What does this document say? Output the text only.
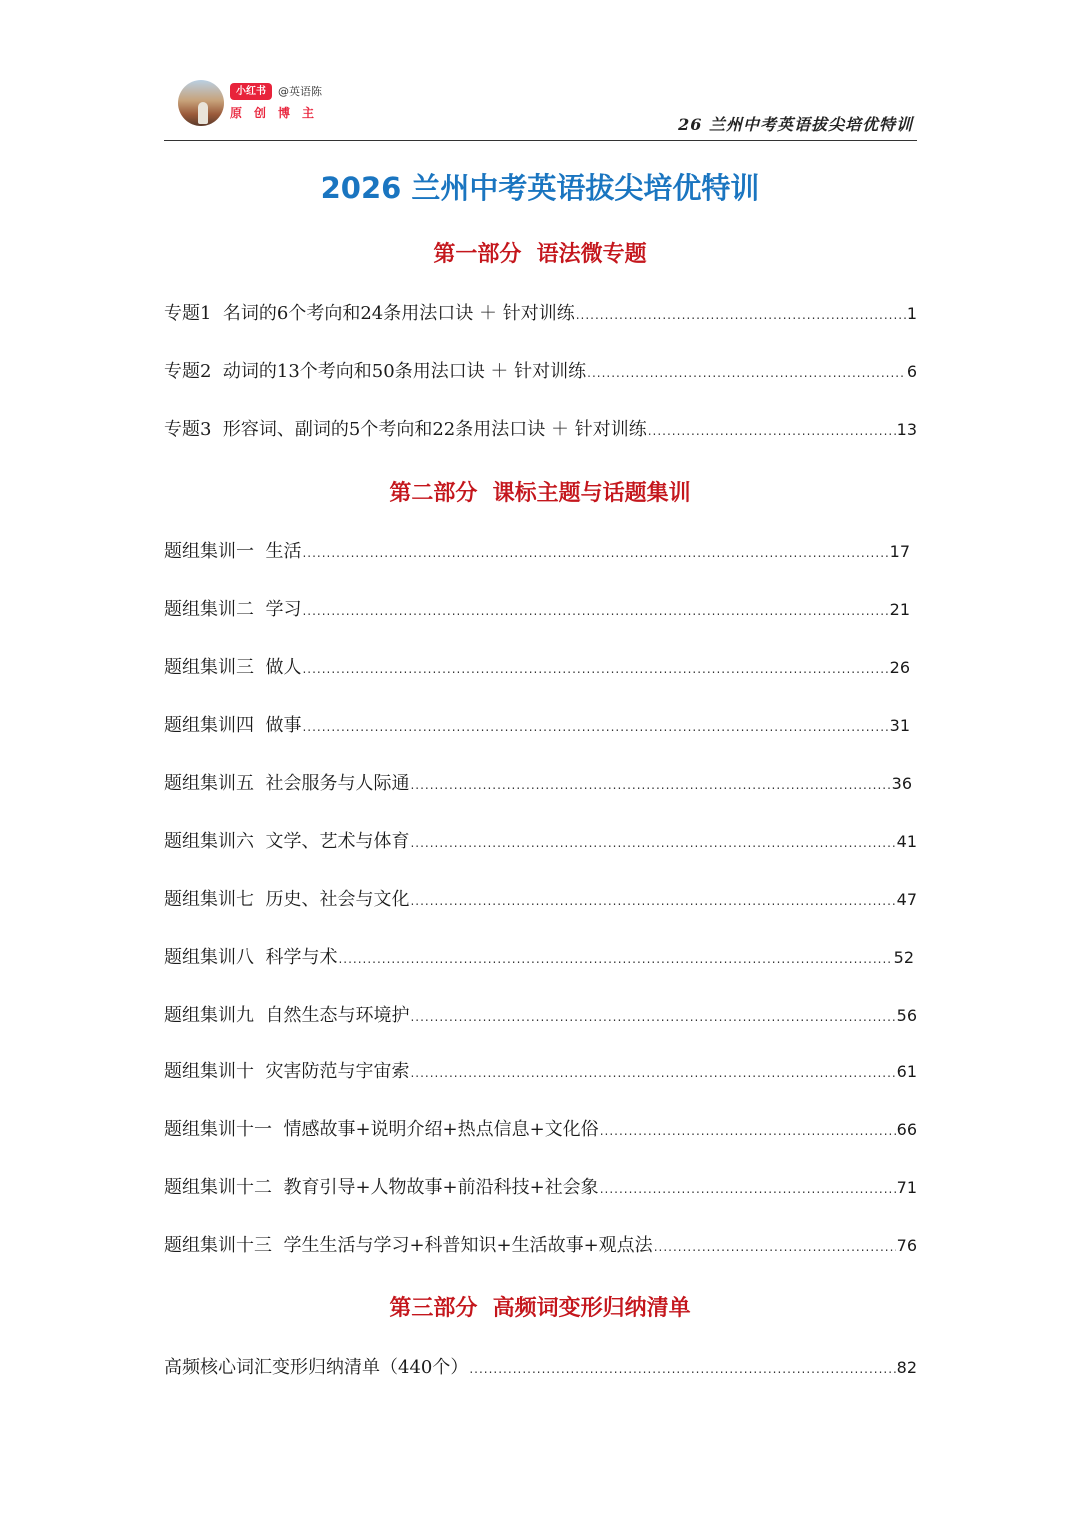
小红书	@英语陈
原创博主
26 兰州中考英语拔尖培优特训
2026 兰州中考英语拔尖培优特训
第一部分  语法微专题
专题1  名词的6个考向和24条用法口诀 ＋ 针对训练 .....	1
专题2  动词的13个考向和50条用法口诀 ＋ 针对训练 .....	6
专题3  形容词、副词的5个考向和22条用法口诀 ＋ 针对训练 .....	13
第二部分  课标主题与话题集训
题组集训一  生活 .....	17
题组集训二  学习 .....	21
题组集训三  做人 .....	26
题组集训四  做事 .....	31
题组集训五  社会服务与人际通 .....	36
题组集训六  文学、艺术与体育 .....	41
题组集训七  历史、社会与文化 .....	47
题组集训八  科学与术 .....	52
题组集训九  自然生态与环境护 .....	56
题组集训十  灾害防范与宇宙索 .....	61
题组集训十一  情感故事+说明介绍+热点信息+文化俗 .....	66
题组集训十二  教育引导+人物故事+前沿科技+社会象 .....	71
题组集训十三  学生生活与学习+科普知识+生活故事+观点法 .....	76
第三部分  高频词变形归纳清单
高频核心词汇变形归纳清单（440个） .....	82
